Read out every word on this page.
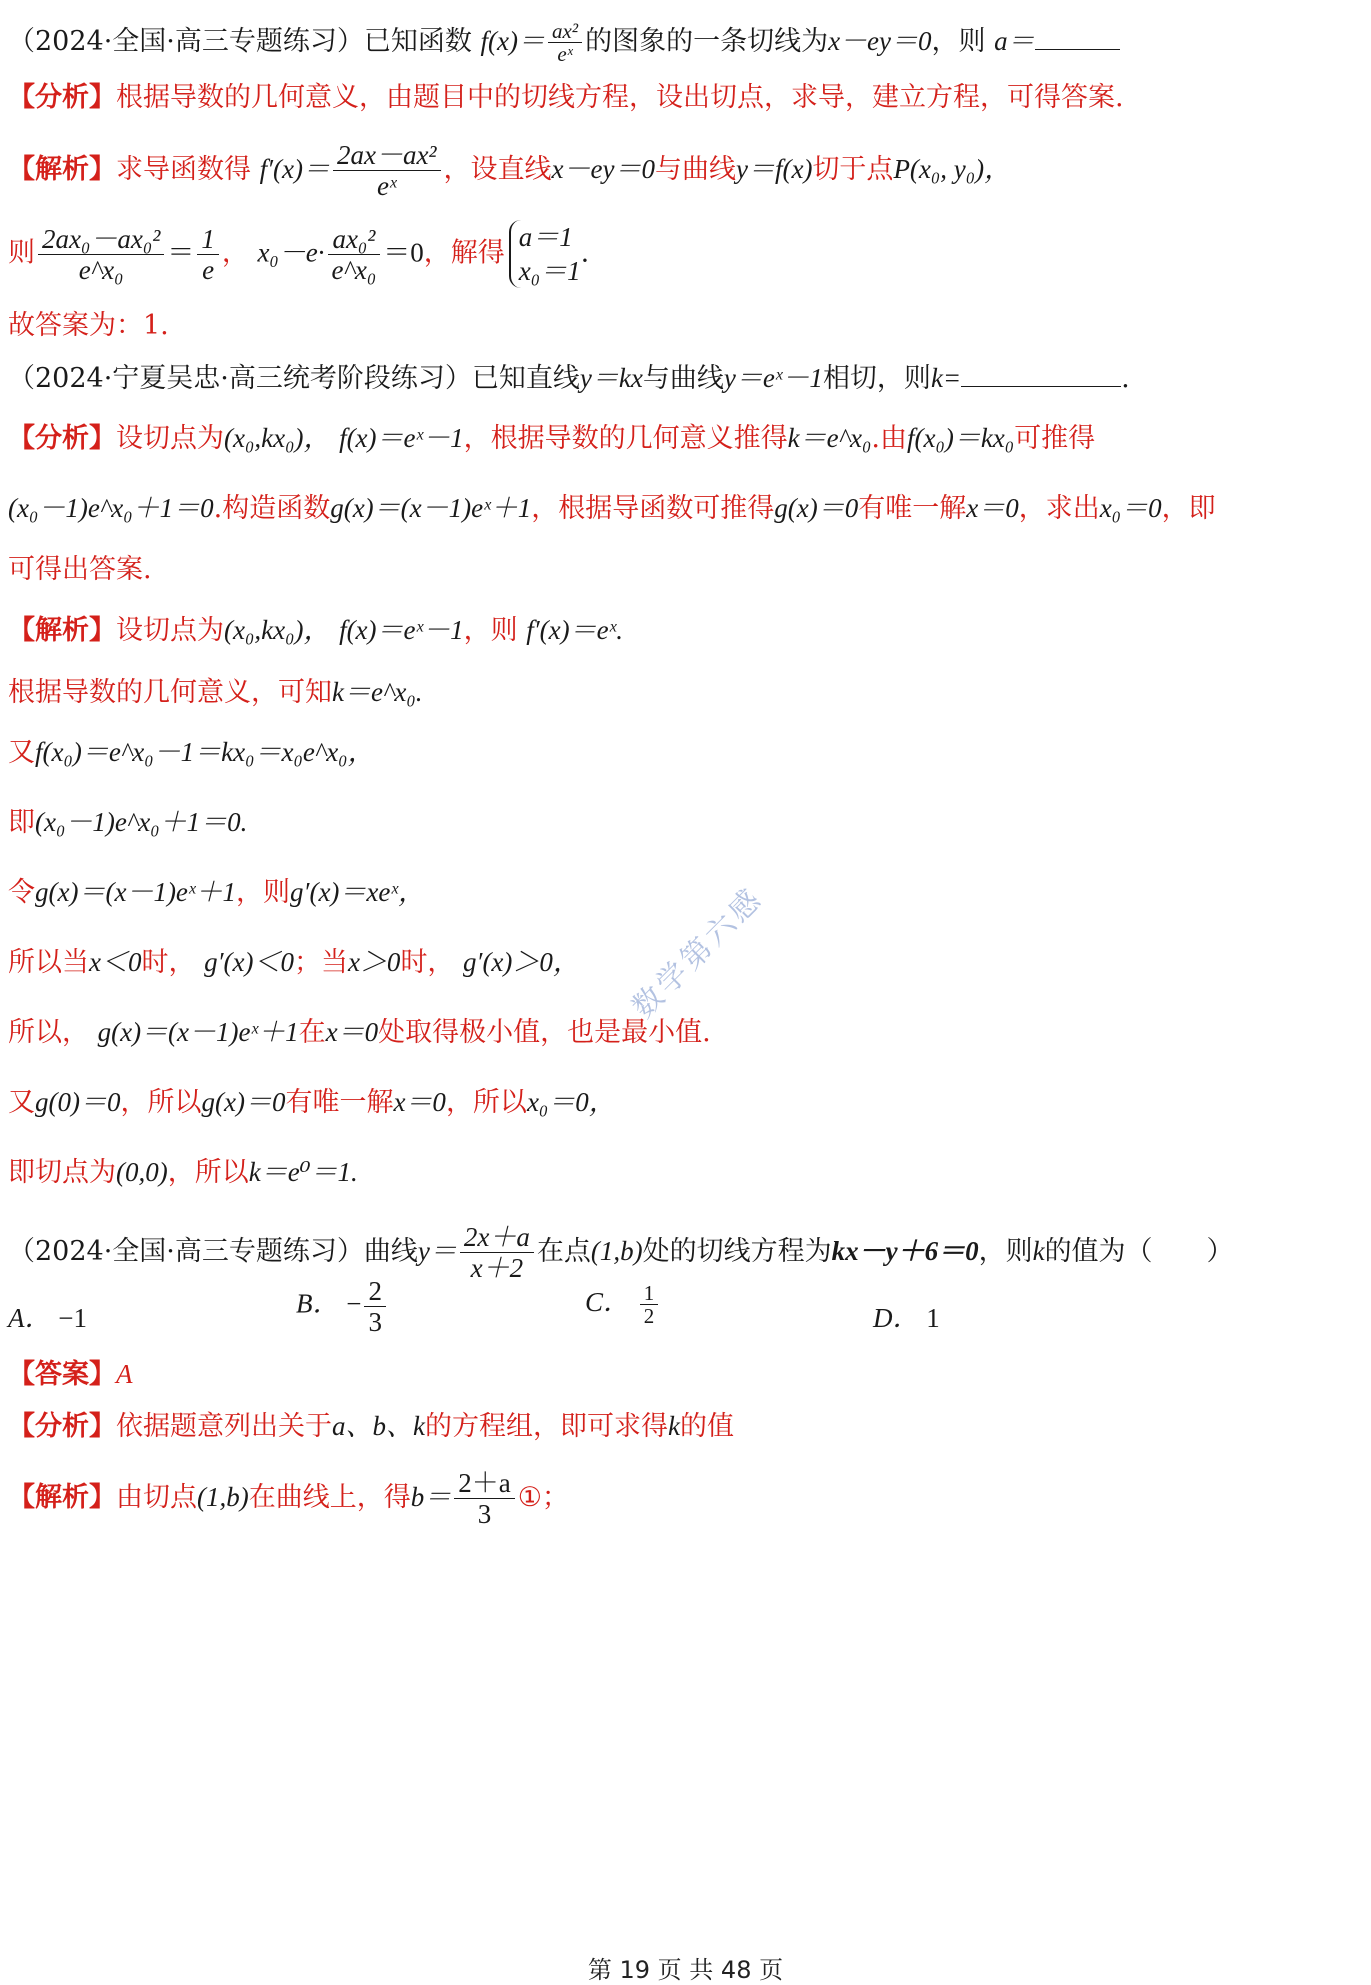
（2024·全国·高三专题练习）已知函数 $f(x)= \frac{\text{ax²}}{\text{eˣ}}$ 的图象的一条切线为x－ey＝0，则 a＝
【分析】根据导数的几何意义，由题目中的切线方程，设出切点，求导，建立方程，可得答案.
【解析】求导函数得 $f'(x)= \frac{\text{2ax－ax²}}{\text{eˣ}}$ ，设直线x－ey＝0与曲线y＝f(x)切于点P(x₀, y₀)，
则 $\frac{\text{2ax₀－ax₀²}}{\text{e\textasciicircum{}x₀}} = \frac{1}{e}$ ， $x_0-e\cdot \frac{\text{ax₀²}}{\text{e\textasciicircum{}x₀}} =0$，解得
a＝1
x₀＝1
.
故答案为：1.
（2024·宁夏吴忠·高三统考阶段练习）已知直线y＝kx与曲线y＝eˣ－1相切，则k=	.
【分析】设切点为(x₀,kx₀)， f(x)＝eˣ－1，根据导数的几何意义推得k＝e^x₀.由f(x₀)＝kx₀可推得
(x₀－1)e^x₀＋1＝0.构造函数g(x)＝(x－1)eˣ＋1，根据导函数可推得g(x)＝0有唯一解x＝0，求出x₀＝0，即
可得出答案.
【解析】设切点为(x₀,kx₀)， f(x)＝eˣ－1，则 f′(x)＝eˣ.
根据导数的几何意义，可知k＝e^x₀.
又f(x₀)＝e^x₀－1＝kx₀＝x₀e^x₀，
即(x₀－1)e^x₀＋1＝0.
令g(x)＝(x－1)eˣ＋1，则g′(x)＝xeˣ，
所以当x＜0时， g′(x)＜0；当x＞0时， g′(x)＞0，
所以， g(x)＝(x－1)eˣ＋1在x＝0处取得极小值，也是最小值.
又g(0)＝0，所以g(x)＝0有唯一解x＝0，所以x₀＝0，
即切点为(0,0)，所以k＝e⁰＝1.
（2024·全国·高三专题练习）曲线$y= \frac{2x+a}{x+2}$ 在点(1,b)处的切线方程为kx－y＋6＝0，则k的值为（　　）
A． −1	B． − $\frac{2}{3}$	C． $\frac{1}{2}$	D． 1
【答案】A
【分析】依据题意列出关于a、b、k的方程组，即可求得k的值
【解析】由切点(1,b)在曲线上，得$b= \frac{2+a}{3}$ ①；
数学第六感
第 19 页 共 48 页
